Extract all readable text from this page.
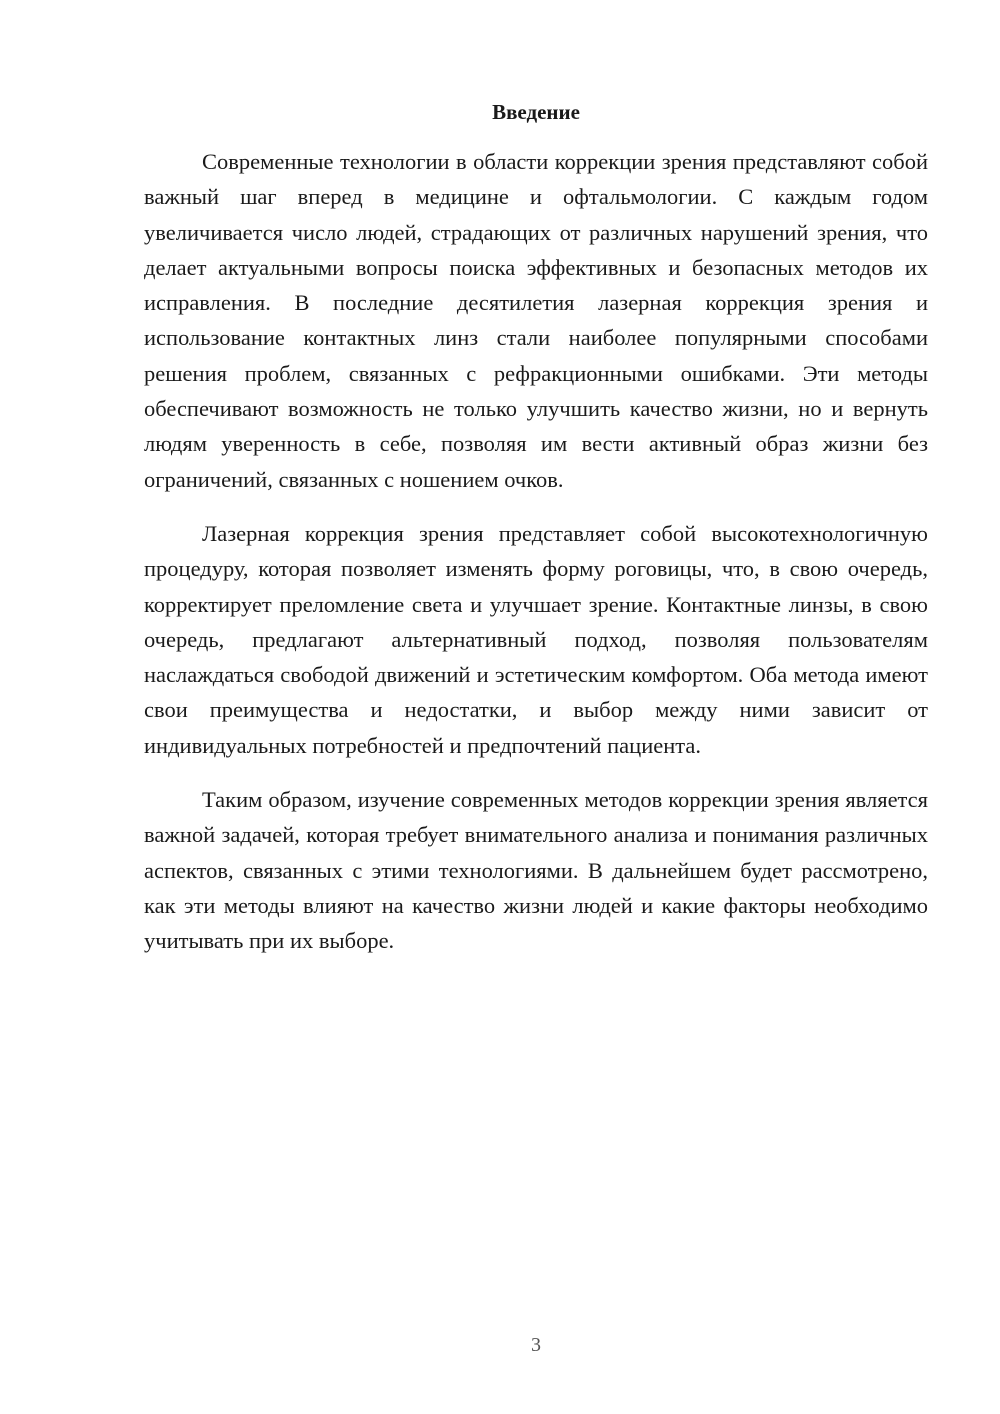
Введение

Современные технологии в области коррекции зрения представляют собой важный шаг вперед в медицине и офтальмологии. С каждым годом увеличивается число людей, страдающих от различных нарушений зрения, что делает актуальными вопросы поиска эффективных и безопасных методов их исправления. В последние десятилетия лазерная коррекция зрения и использование контактных линз стали наиболее популярными способами решения проблем, связанных с рефракционными ошибками. Эти методы обеспечивают возможность не только улучшить качество жизни, но и вернуть людям уверенность в себе, позволяя им вести активный образ жизни без ограничений, связанных с ношением очков.

Лазерная коррекция зрения представляет собой высокотехнологичную процедуру, которая позволяет изменять форму роговицы, что, в свою очередь, корректирует преломление света и улучшает зрение. Контактные линзы, в свою очередь, предлагают альтернативный подход, позволяя пользователям наслаждаться свободой движений и эстетическим комфортом. Оба метода имеют свои преимущества и недостатки, и выбор между ними зависит от индивидуальных потребностей и предпочтений пациента.

Таким образом, изучение современных методов коррекции зрения является важной задачей, которая требует внимательного анализа и понимания различных аспектов, связанных с этими технологиями. В дальнейшем будет рассмотрено, как эти методы влияют на качество жизни людей и какие факторы необходимо учитывать при их выборе.

3
